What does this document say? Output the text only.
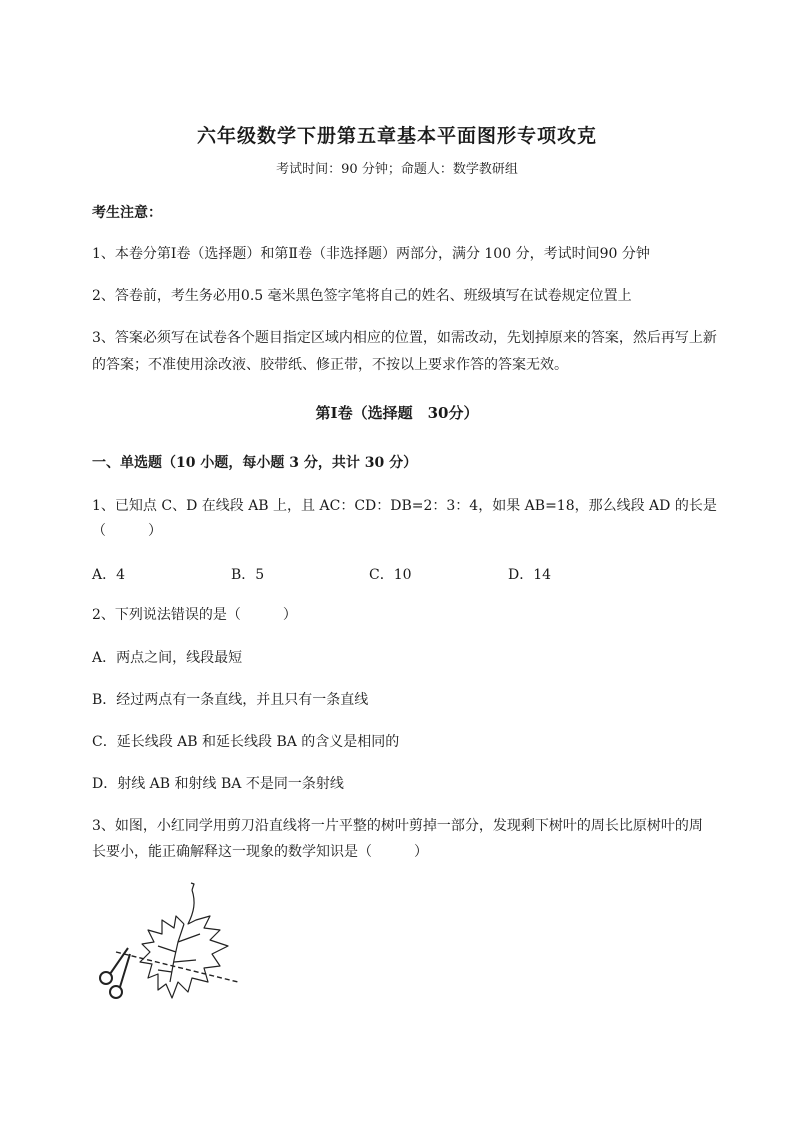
六年级数学下册第五章基本平面图形专项攻克
考试时间：90 分钟；命题人：数学教研组
考生注意：
1、本卷分第Ⅰ卷（选择题）和第Ⅱ卷（非选择题）两部分，满分 100 分，考试时间90 分钟
2、答卷前，考生务必用0.5 毫米黑色签字笔将自己的姓名、班级填写在试卷规定位置上
3、答案必须写在试卷各个题目指定区域内相应的位置，如需改动，先划掉原来的答案，然后再写上新
的答案；不准使用涂改液、胶带纸、修正带，不按以上要求作答的答案无效。
第Ⅰ卷（选择题　30分）
一、单选题（10 小题，每小题 3 分，共计 30 分）
1、已知点 C、D 在线段 AB 上，且 AC：CD：DB=2：3：4，如果 AB=18，那么线段 AD 的长是
（　　　）
A．4	B．5	C．10	D．14
2、下列说法错误的是（　　　）
A．两点之间，线段最短
B．经过两点有一条直线，并且只有一条直线
C．延长线段 AB 和延长线段 BA 的含义是相同的
D．射线 AB 和射线 BA 不是同一条射线
3、如图，小红同学用剪刀沿直线将一片平整的树叶剪掉一部分，发现剩下树叶的周长比原树叶的周
长要小，能正确解释这一现象的数学知识是（　　　）
